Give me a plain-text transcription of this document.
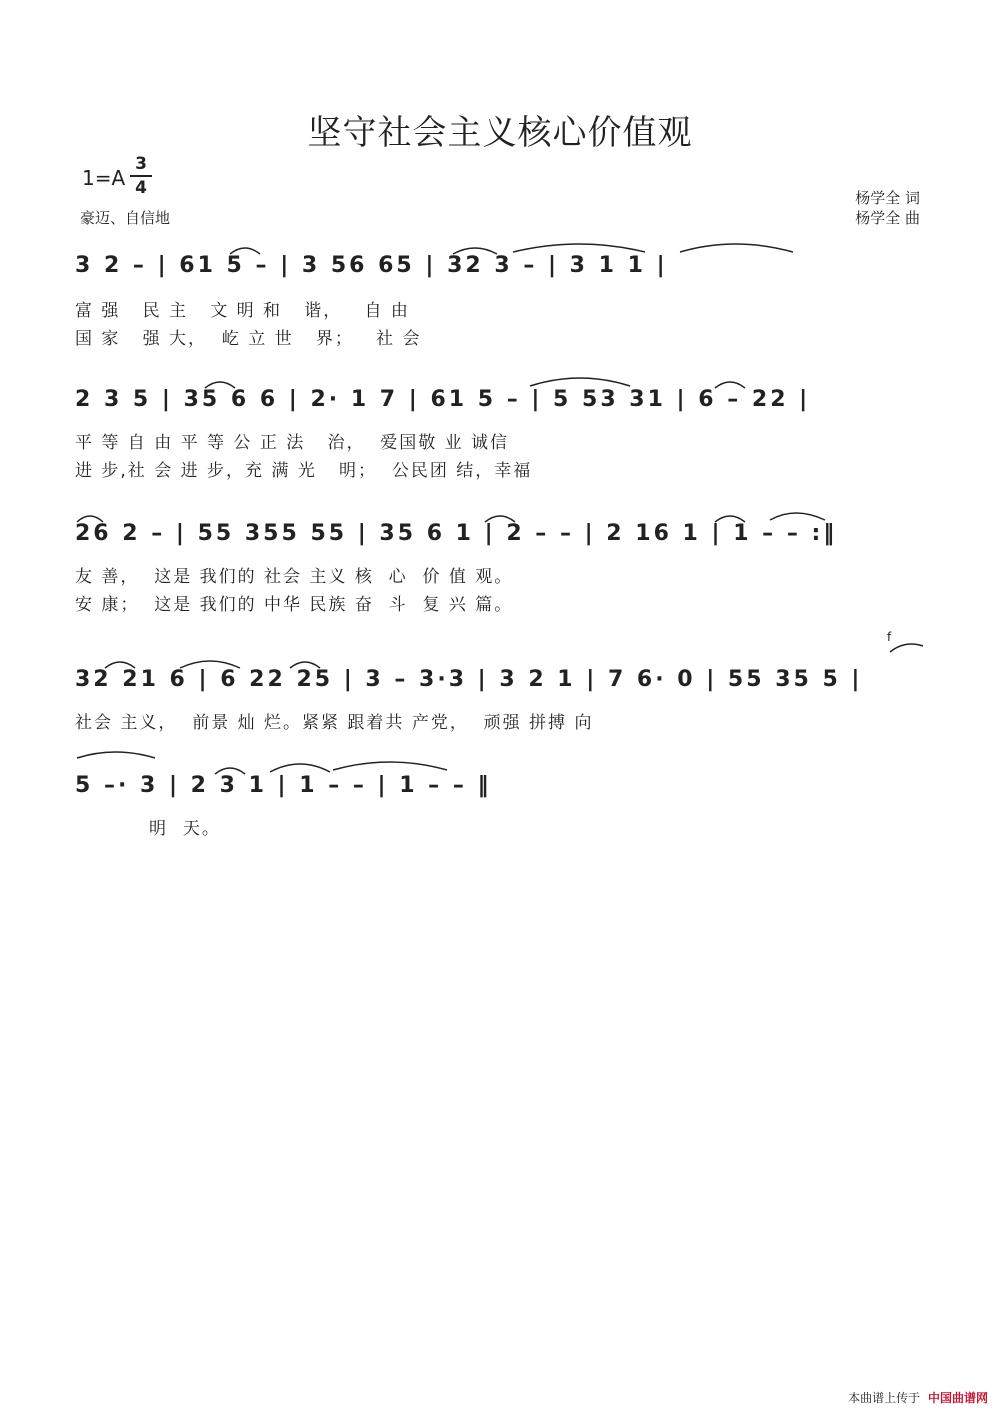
坚守社会主义核心价值观
1=A
3
4
豪迈、自信地
杨学全 词
杨学全 曲
3 2 – | 61 5 – | 3 56 65 | 32 3 – | 3 1 1 |
富 强   民 主   文 明 和   谐，   自 由
国 家   强 大，  屹 立 世   界；   社 会
2 3 5 | 35 6 6 | 2· 1 7 | 61 5 – | 5 53 31 | 6 – 22 |
平 等 自 由 平 等 公 正 法   治，  爱国敬 业 诚信
进 步,社 会 进 步，充 满 光   明；  公民团 结，幸福
26 2 – | 55 355 55 | 35 6 1 | 2 – – | 2 16 1 | 1 – – :‖
友 善，  这是 我们的 社会 主义 核  心  价 值 观。
安 康；  这是 我们的 中华 民族 奋  斗  复 兴 篇。
f
32 21 6 | 6 22 25 | 3 – 3·3 | 3 2 1 | 7 6· 0 | 55 35 5 |
社会 主义，  前景 灿 烂。紧紧 跟着共 产党，  顽强 拼搏 向
5 –· 3 | 2 3 1 | 1 – – | 1 – – ‖
明  天。
本曲谱上传于 中国曲谱网
